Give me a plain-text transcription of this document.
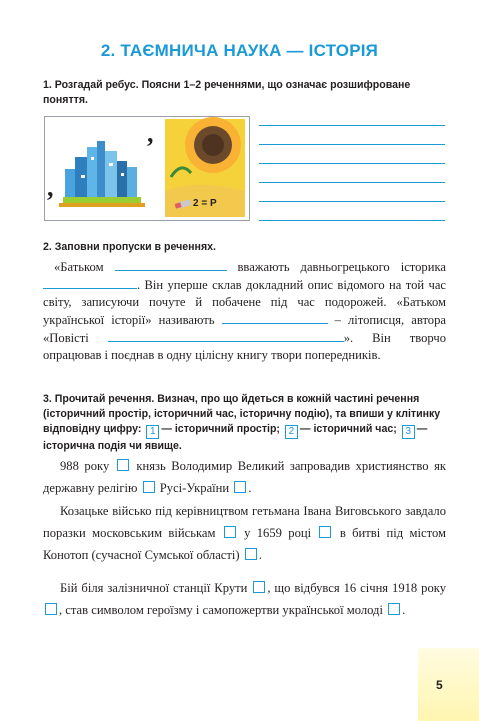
2. ТАЄМНИЧА НАУКА — ІСТОРІЯ
1. Розгадай ребус. Поясни 1–2 реченнями, що означає розшифроване поняття.
,
,
2 = Р
2. Заповни пропуски в реченнях.
«Батьком	вважають давньогрецького історика . Він уперше склав докладний опис відомого на той час світу, записуючи почуте й побачене під час подорожей. «Батьком української історії» називають	– літописця, автора «Повісті	». Він творчо опрацював і поєднав в одну цілісну книгу твори попередників.
3. Прочитай речення. Визнач, про що йдеться в кожній частині речення (історичний простір, історичний час, історичну подію), та впиши у клітинку відповідну цифру: 1 — історичний простір; 2 — історичний час; 3 — історична подія чи явище.
988 року князь Володимир Великий запровадив християнство як державну релігію Русі-України .
Козацьке військо під керівництвом гетьмана Івана Виговського завдало поразки московським військам у 1659 році в битві під містом Конотоп (сучасної Сумської області) .
Бій біля залізничної станції Крути , що відбувся 16 січня 1918 року , став символом героїзму і самопожертви української молоді .
5
